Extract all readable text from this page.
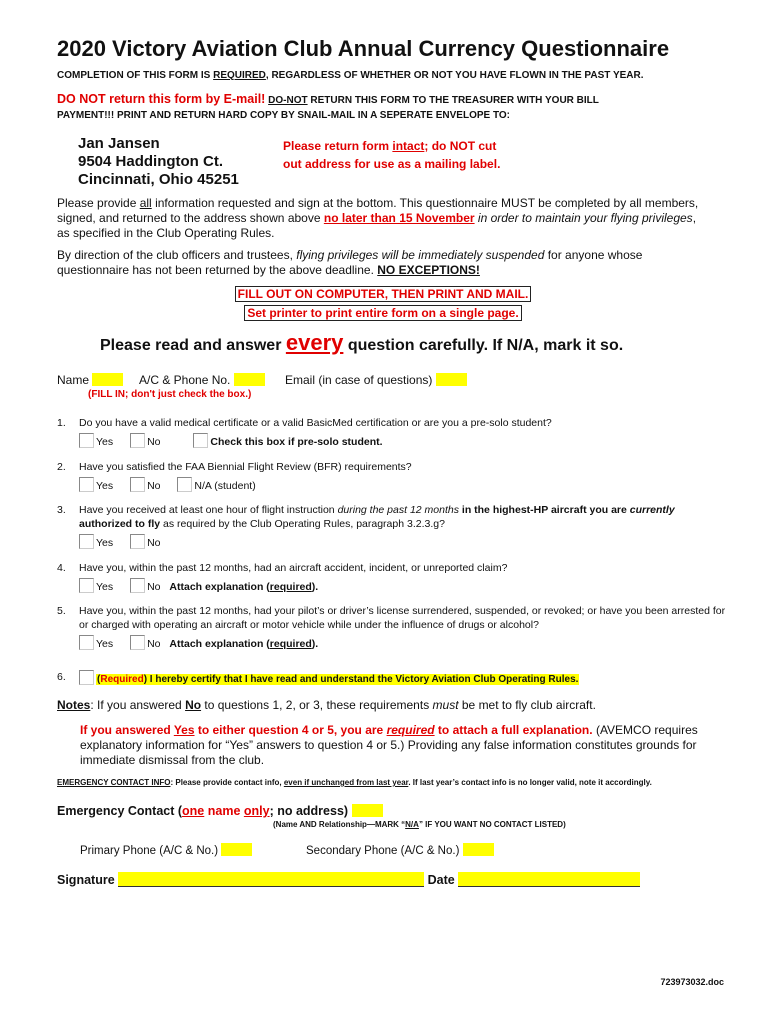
2020 Victory Aviation Club Annual Currency Questionnaire
COMPLETION OF THIS FORM IS REQUIRED, REGARDLESS OF WHETHER OR NOT YOU HAVE FLOWN IN THE PAST YEAR.
DO NOT return this form by E-mail! DO-NOT RETURN THIS FORM TO THE TREASURER WITH YOUR BILL
PAYMENT!!! PRINT AND RETURN HARD COPY BY SNAIL-MAIL IN A SEPERATE ENVELOPE TO:
Jan Jansen
9504 Haddington Ct.
Cincinnati, Ohio 45251
Please return form intact; do NOT cut
out address for use as a mailing label.
Please provide all information requested and sign at the bottom. This questionnaire MUST be completed by all members, signed, and returned to the address shown above no later than 15 November in order to maintain your flying privileges, as specified in the Club Operating Rules.
By direction of the club officers and trustees, flying privileges will be immediately suspended for anyone whose questionnaire has not been returned by the above deadline. NO EXCEPTIONS!
FILL OUT ON COMPUTER, THEN PRINT AND MAIL.
Set printer to print entire form on a single page.
Please read and answer every question carefully. If N/A, mark it so.
Name	A/C & Phone No.	Email (in case of questions)
(FILL IN; don't just check the box.)
1. Do you have a valid medical certificate or a valid BasicMed certification or are you a pre-solo student?
Yes	No	Check this box if pre-solo student.
2. Have you satisfied the FAA Biennial Flight Review (BFR) requirements?
Yes	No	N/A (student)
3. Have you received at least one hour of flight instruction during the past 12 months in the highest-HP aircraft you are currently
authorized to fly as required by the Club Operating Rules, paragraph 3.2.3.g?
Yes	No
4. Have you, within the past 12 months, had an aircraft accident, incident, or unreported claim?
Yes	No Attach explanation (required).
5. Have you, within the past 12 months, had your pilot’s or driver’s license surrendered, suspended, or revoked; or have you been arrested for or charged with operating an aircraft or motor vehicle while under the influence of drugs or alcohol?
Yes	No Attach explanation (required).
6.	(Required) I hereby certify that I have read and understand the Victory Aviation Club Operating Rules.
Notes: If you answered No to questions 1, 2, or 3, these requirements must be met to fly club aircraft.
If you answered Yes to either question 4 or 5, you are required to attach a full explanation. (AVEMCO requires explanatory information for “Yes” answers to question 4 or 5.) Providing any false information constitutes grounds for immediate dismissal from the club.
EMERGENCY CONTACT INFO: Please provide contact info, even if unchanged from last year. If last year’s contact info is no longer valid, note it accordingly.
Emergency Contact (one name only; no address)
(Name AND Relationship—MARK “N/A” IF YOU WANT NO CONTACT LISTED)
Primary Phone (A/C & No.)	Secondary Phone (A/C & No.)
Signature	Date
723973032.doc
